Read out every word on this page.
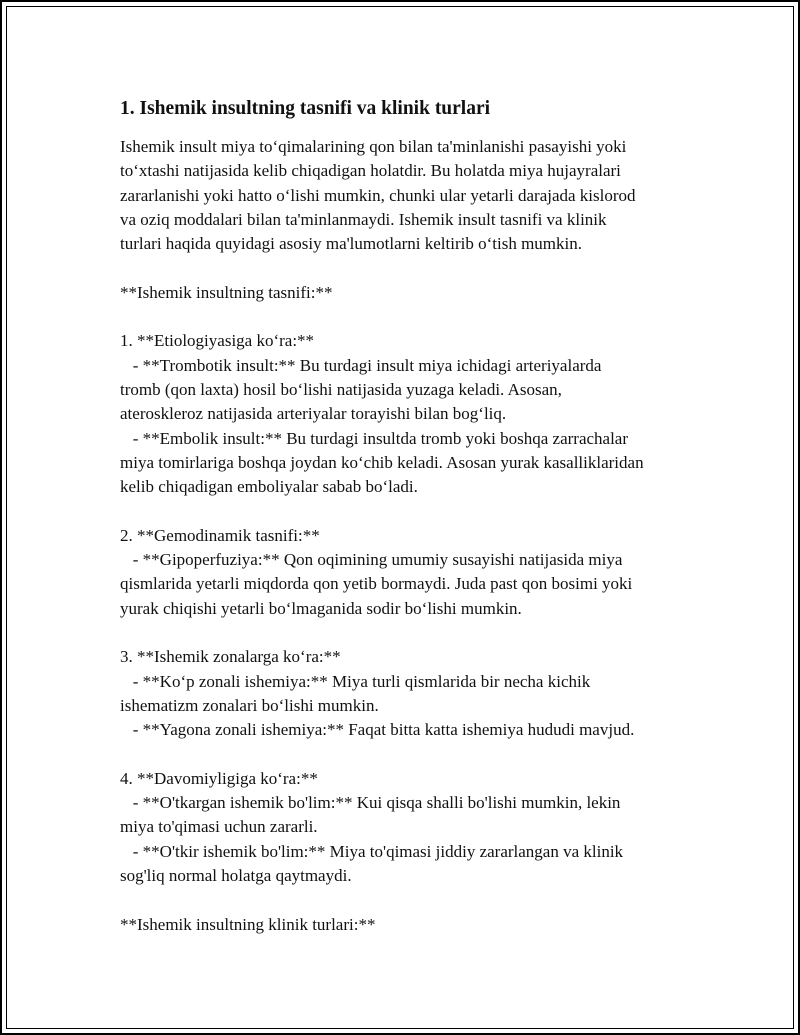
1. Ishemik insultning tasnifi va klinik turlari
Ishemik insult miya to‘qimalarining qon bilan ta'minlanishi pasayishi yoki
to‘xtashi natijasida kelib chiqadigan holatdir. Bu holatda miya hujayralari
zararlanishi yoki hatto o‘lishi mumkin, chunki ular yetarli darajada kislorod
va oziq moddalari bilan ta'minlanmaydi. Ishemik insult tasnifi va klinik
turlari haqida quyidagi asosiy ma'lumotlarni keltirib o‘tish mumkin.
**Ishemik insultning tasnifi:**
1. **Etiologiyasiga ko‘ra:**
- **Trombotik insult:** Bu turdagi insult miya ichidagi arteriyalarda
tromb (qon laxta) hosil bo‘lishi natijasida yuzaga keladi. Asosan,
ateroskleroz natijasida arteriyalar torayishi bilan bog‘liq.
- **Embolik insult:** Bu turdagi insultda tromb yoki boshqa zarrachalar
miya tomirlariga boshqa joydan ko‘chib keladi. Asosan yurak kasalliklaridan
kelib chiqadigan emboliyalar sabab bo‘ladi.
2. **Gemodinamik tasnifi:**
- **Gipoperfuziya:** Qon oqimining umumiy susayishi natijasida miya
qismlarida yetarli miqdorda qon yetib bormaydi. Juda past qon bosimi yoki
yurak chiqishi yetarli bo‘lmaganida sodir bo‘lishi mumkin.
3. **Ishemik zonalarga ko‘ra:**
- **Ko‘p zonali ishemiya:** Miya turli qismlarida bir necha kichik
ishematizm zonalari bo‘lishi mumkin.
- **Yagona zonali ishemiya:** Faqat bitta katta ishemiya hududi mavjud.
4. **Davomiyligiga ko‘ra:**
- **O'tkargan ishemik bo'lim:** Kui qisqa shalli bo'lishi mumkin, lekin
miya to'qimasi uchun zararli.
- **O'tkir ishemik bo'lim:** Miya to'qimasi jiddiy zararlangan va klinik
sog'liq normal holatga qaytmaydi.
**Ishemik insultning klinik turlari:**
